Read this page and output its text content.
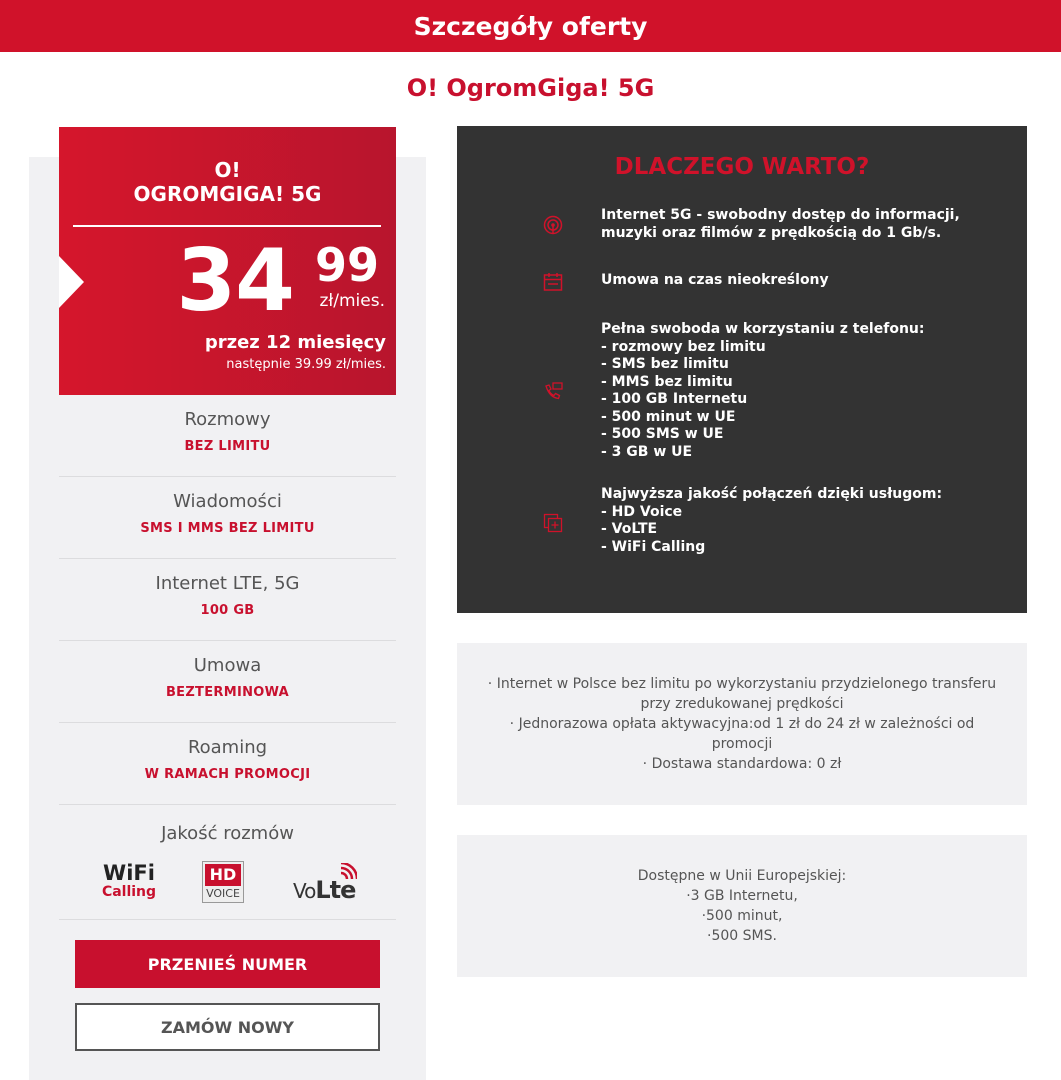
Szczegóły oferty
O! OgromGiga! 5G
O!
OGROMGIGA! 5G
34 99
zł/mies.
przez 12 miesięcy
następnie 39.99 zł/mies.
Rozmowy
BEZ LIMITU
Wiadomości
SMS I MMS BEZ LIMITU
Internet LTE, 5G
100 GB
Umowa
BEZTERMINOWA
Roaming
W RAMACH PROMOCJI
Jakość rozmów
WiFi
Calling
HD
VOICE	VoLte
PRZENIEŚ NUMER
ZAMÓW NOWY
DLACZEGO WARTO?
Internet 5G - swobodny dostęp do informacji,
muzyki oraz filmów z prędkością do 1 Gb/s.
Umowa na czas nieokreślony
Pełna swoboda w korzystaniu z telefonu:
- rozmowy bez limitu
- SMS bez limitu
- MMS bez limitu
- 100 GB Internetu
- 500 minut w UE
- 500 SMS w UE
- 3 GB w UE
Najwyższa jakość połączeń dzięki usługom:
- HD Voice
- VoLTE
- WiFi Calling
· Internet w Polsce bez limitu po wykorzystaniu przydzielonego transferu
przy zredukowanej prędkości
· Jednorazowa opłata aktywacyjna:od 1 zł do 24 zł w zależności od
promocji
· Dostawa standardowa: 0 zł
Dostępne w Unii Europejskiej:
·3 GB Internetu,
·500 minut,
·500 SMS.
